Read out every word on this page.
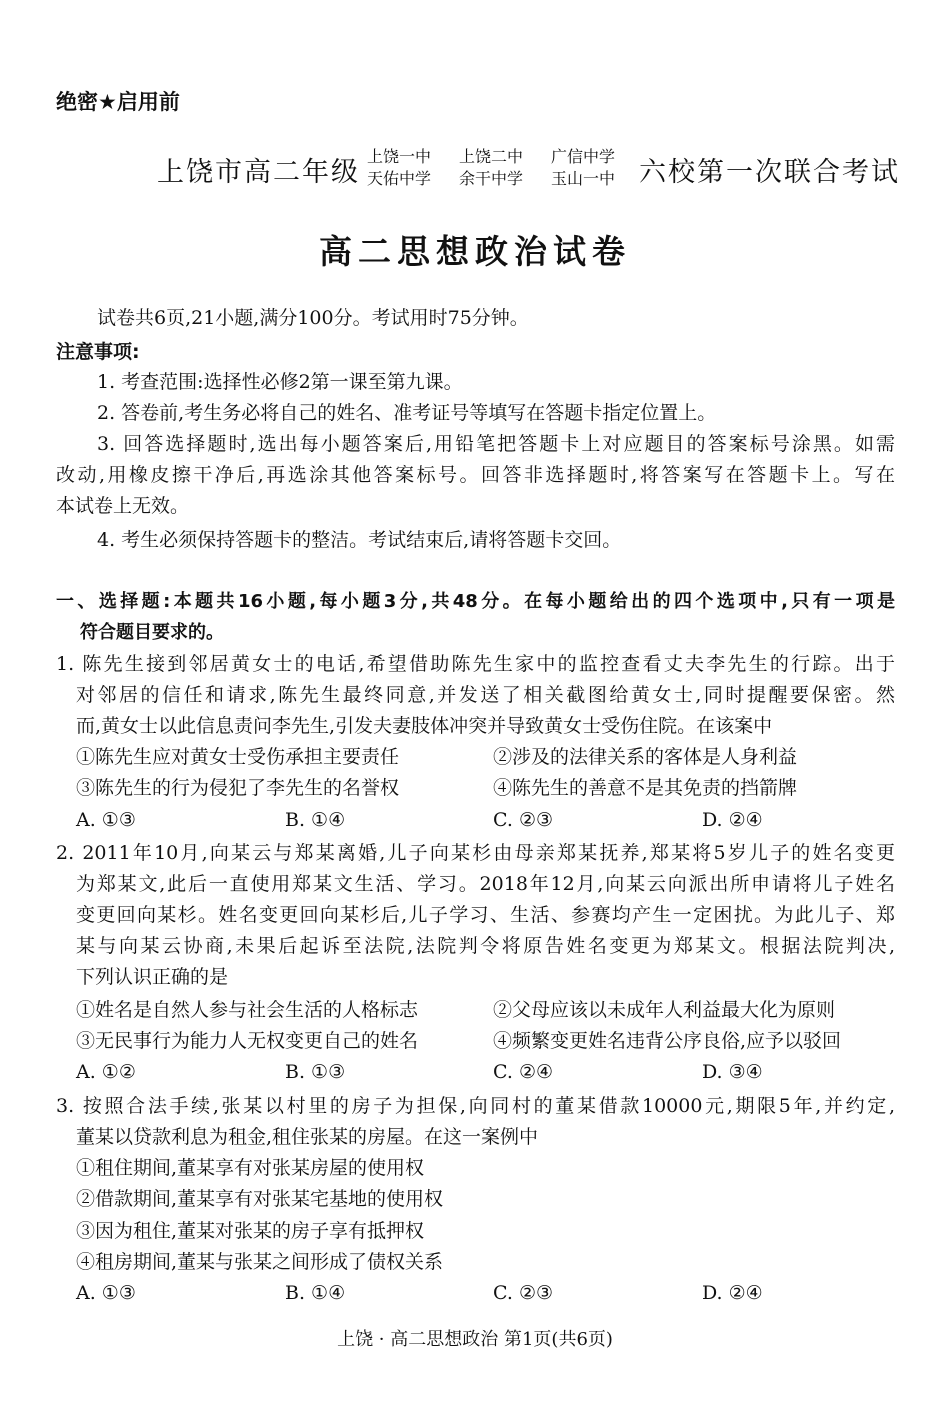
绝密★启用前
上饶市高二年级
上饶一中 上饶二中 广信中学
天佑中学 余干中学 玉山一中 六校第一次联合考试
高二思想政治试卷
试卷共6页,21小题,满分100分。考试用时75分钟。
注意事项:
1. 考查范围:选择性必修2第一课至第九课。
2. 答卷前,考生务必将自己的姓名、准考证号等填写在答题卡指定位置上。
3. 回答选择题时,选出每小题答案后,用铅笔把答题卡上对应题目的答案标号涂黑。如需
改动,用橡皮擦干净后,再选涂其他答案标号。回答非选择题时,将答案写在答题卡上。写在
本试卷上无效。
4. 考生必须保持答题卡的整洁。考试结束后,请将答题卡交回。
一、选择题:本题共16小题,每小题3分,共48分。在每小题给出的四个选项中,只有一项是
符合题目要求的。
1. 陈先生接到邻居黄女士的电话,希望借助陈先生家中的监控查看丈夫李先生的行踪。出于
对邻居的信任和请求,陈先生最终同意,并发送了相关截图给黄女士,同时提醒要保密。然
而,黄女士以此信息责问李先生,引发夫妻肢体冲突并导致黄女士受伤住院。在该案中
①陈先生应对黄女士受伤承担主要责任	②涉及的法律关系的客体是人身利益
③陈先生的行为侵犯了李先生的名誉权	④陈先生的善意不是其免责的挡箭牌
A. ①③	B. ①④	C. ②③	D. ②④
2. 2011年10月,向某云与郑某离婚,儿子向某杉由母亲郑某抚养,郑某将5岁儿子的姓名变更
为郑某文,此后一直使用郑某文生活、学习。2018年12月,向某云向派出所申请将儿子姓名
变更回向某杉。姓名变更回向某杉后,儿子学习、生活、参赛均产生一定困扰。为此儿子、郑
某与向某云协商,未果后起诉至法院,法院判令将原告姓名变更为郑某文。根据法院判决,
下列认识正确的是
①姓名是自然人参与社会生活的人格标志	②父母应该以未成年人利益最大化为原则
③无民事行为能力人无权变更自己的姓名	④频繁变更姓名违背公序良俗,应予以驳回
A. ①②	B. ①③	C. ②④	D. ③④
3. 按照合法手续,张某以村里的房子为担保,向同村的董某借款10000元,期限5年,并约定,
董某以贷款利息为租金,租住张某的房屋。在这一案例中
①租住期间,董某享有对张某房屋的使用权
②借款期间,董某享有对张某宅基地的使用权
③因为租住,董某对张某的房子享有抵押权
④租房期间,董某与张某之间形成了债权关系
A. ①③	B. ①④	C. ②③	D. ②④
上饶 · 高二思想政治 第1页(共6页)
